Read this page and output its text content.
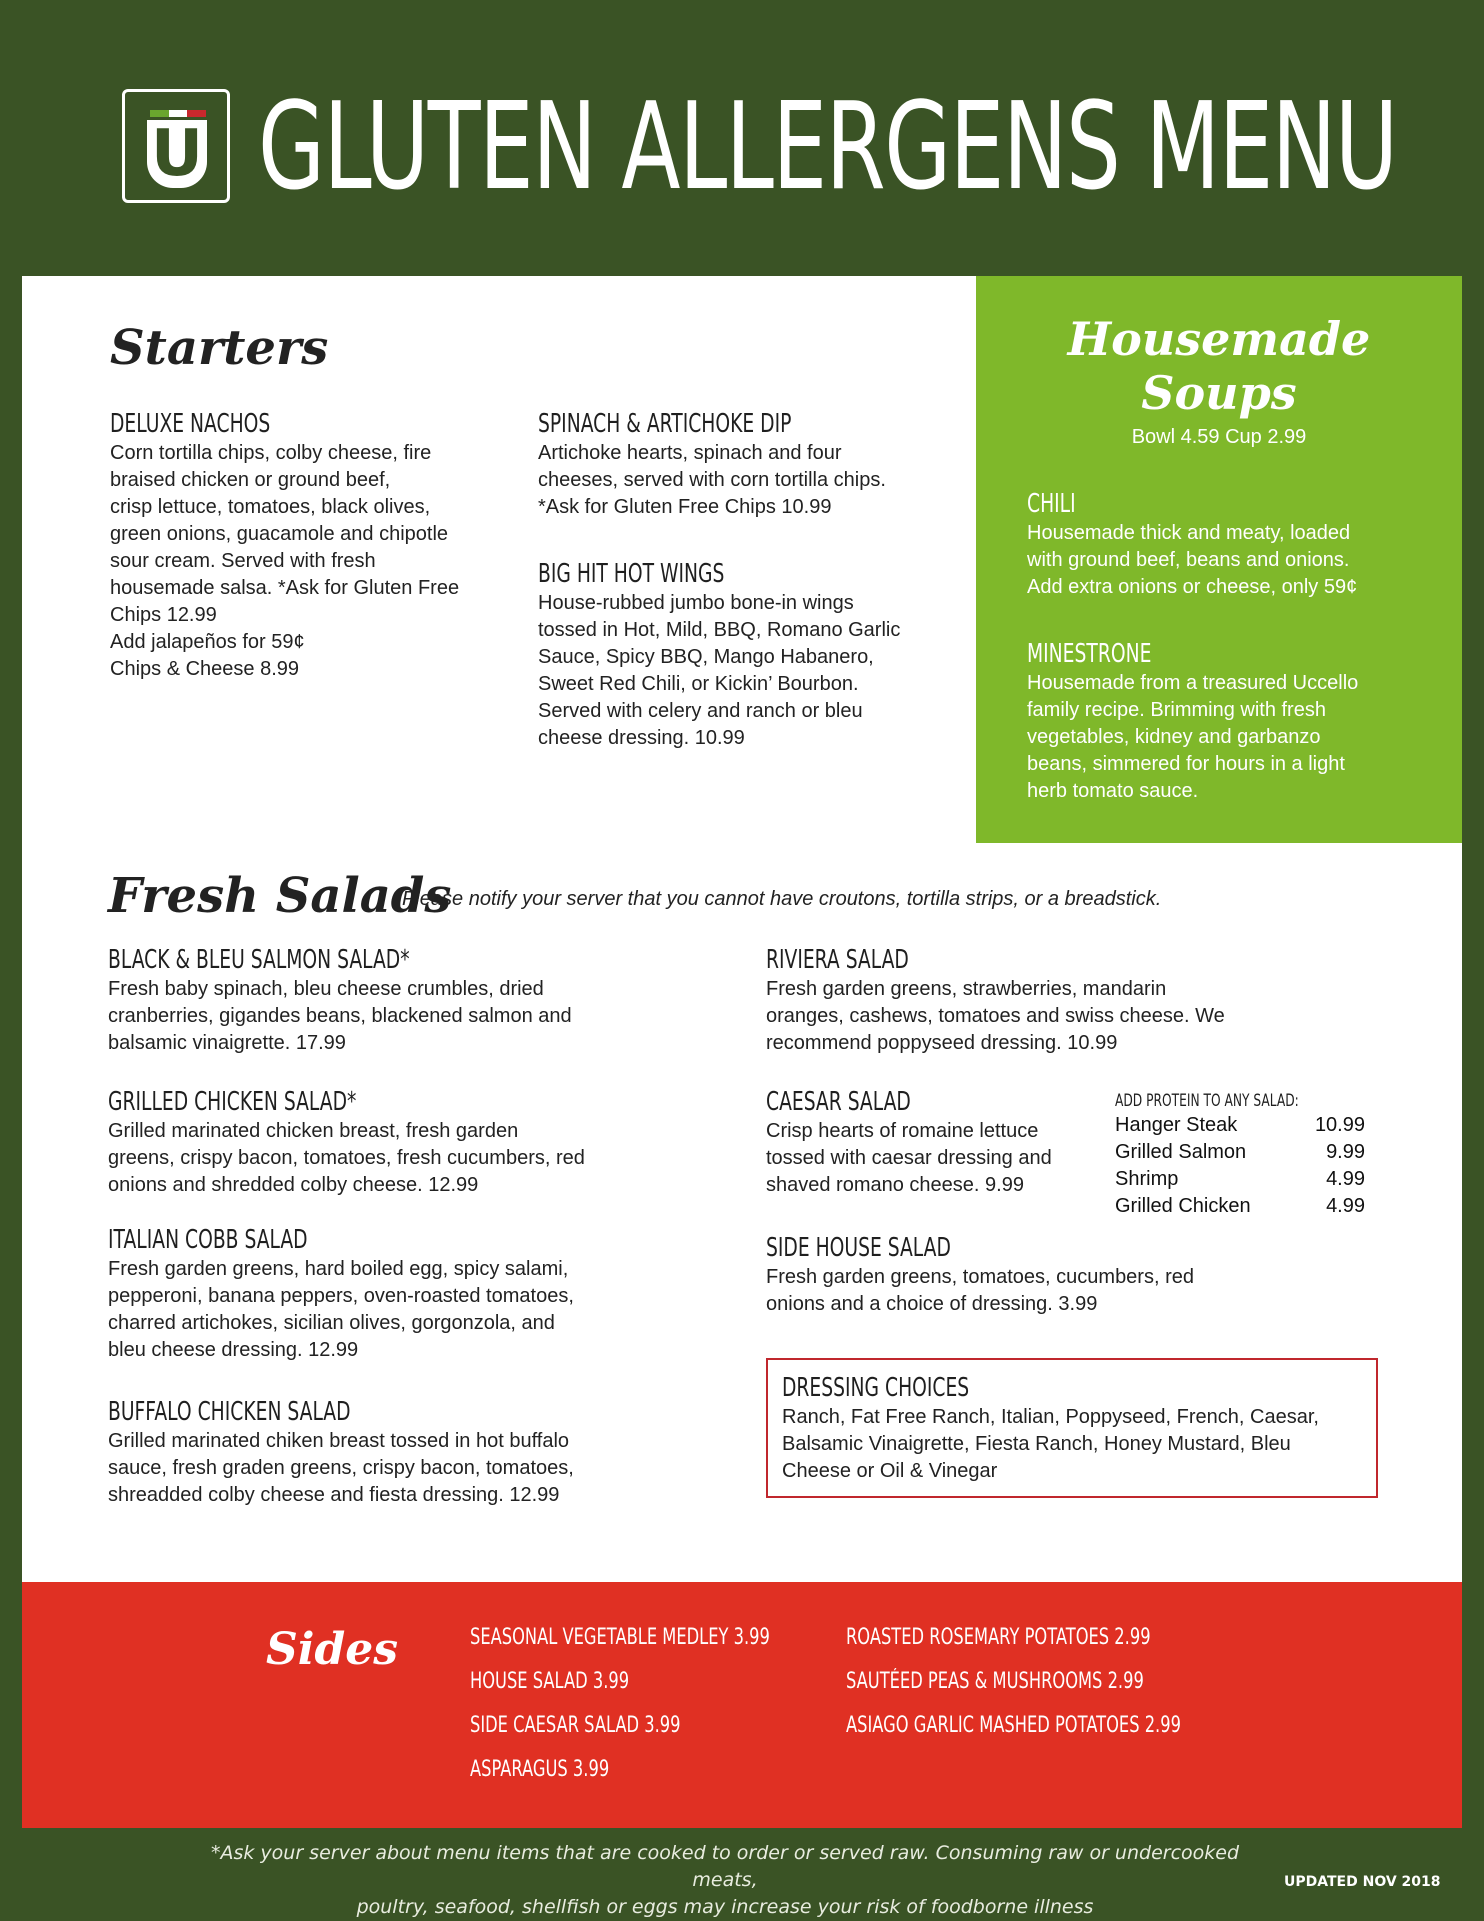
U GLUTEN ALLERGENS MENU
Starters
DELUXE NACHOS
Corn tortilla chips, colby cheese, fire
braised chicken or ground beef,
crisp lettuce, tomatoes, black olives,
green onions, guacamole and chipotle
sour cream. Served with fresh
housemade salsa. *Ask for Gluten Free
Chips 12.99
Add jalapeños for 59¢
Chips & Cheese 8.99
SPINACH & ARTICHOKE DIP
Artichoke hearts, spinach and four
cheeses, served with corn tortilla chips.
*Ask for Gluten Free Chips 10.99
BIG HIT HOT WINGS
House-rubbed jumbo bone-in wings
tossed in Hot, Mild, BBQ, Romano Garlic
Sauce, Spicy BBQ, Mango Habanero,
Sweet Red Chili, or Kickin’ Bourbon.
Served with celery and ranch or bleu
cheese dressing. 10.99
Housemade
Soups
Bowl 4.59 Cup 2.99
CHILI
Housemade thick and meaty, loaded
with ground beef, beans and onions.
Add extra onions or cheese, only 59¢
MINESTRONE
Housemade from a treasured Uccello
family recipe. Brimming with fresh
vegetables, kidney and garbanzo
beans, simmered for hours in a light
herb tomato sauce.
Fresh Salads
Please notify your server that you cannot have croutons, tortilla strips, or a breadstick.
BLACK & BLEU SALMON SALAD*
Fresh baby spinach, bleu cheese crumbles, dried
cranberries, gigandes beans, blackened salmon and
balsamic vinaigrette. 17.99
GRILLED CHICKEN SALAD*
Grilled marinated chicken breast, fresh garden
greens, crispy bacon, tomatoes, fresh cucumbers, red
onions and shredded colby cheese. 12.99
ITALIAN COBB SALAD
Fresh garden greens, hard boiled egg, spicy salami,
pepperoni, banana peppers, oven-roasted tomatoes,
charred artichokes, sicilian olives, gorgonzola, and
bleu cheese dressing. 12.99
BUFFALO CHICKEN SALAD
Grilled marinated chiken breast tossed in hot buffalo
sauce, fresh graden greens, crispy bacon, tomatoes,
shreadded colby cheese and fiesta dressing. 12.99
RIVIERA SALAD
Fresh garden greens, strawberries, mandarin
oranges, cashews, tomatoes and swiss cheese. We
recommend poppyseed dressing. 10.99
CAESAR SALAD
Crisp hearts of romaine lettuce
tossed with caesar dressing and
shaved romano cheese. 9.99
SIDE HOUSE SALAD
Fresh garden greens, tomatoes, cucumbers, red
onions and a choice of dressing. 3.99
ADD PROTEIN TO ANY SALAD:
Hanger Steak	10.99
Grilled Salmon	9.99
Shrimp	4.99
Grilled Chicken	4.99
DRESSING CHOICES
Ranch, Fat Free Ranch, Italian, Poppyseed, French, Caesar,
Balsamic Vinaigrette, Fiesta Ranch, Honey Mustard, Bleu
Cheese or Oil & Vinegar
Sides	SEASONAL VEGETABLE MEDLEY 3.99
HOUSE SALAD 3.99
SIDE CAESAR SALAD 3.99
ASPARAGUS 3.99
ROASTED ROSEMARY POTATOES 2.99
SAUTÉED PEAS & MUSHROOMS 2.99
ASIAGO GARLIC MASHED POTATOES 2.99
*Ask your server about menu items that are cooked to order or served raw. Consuming raw or undercooked meats,
poultry, seafood, shellfish or eggs may increase your risk of foodborne illness
UPDATED NOV 2018
